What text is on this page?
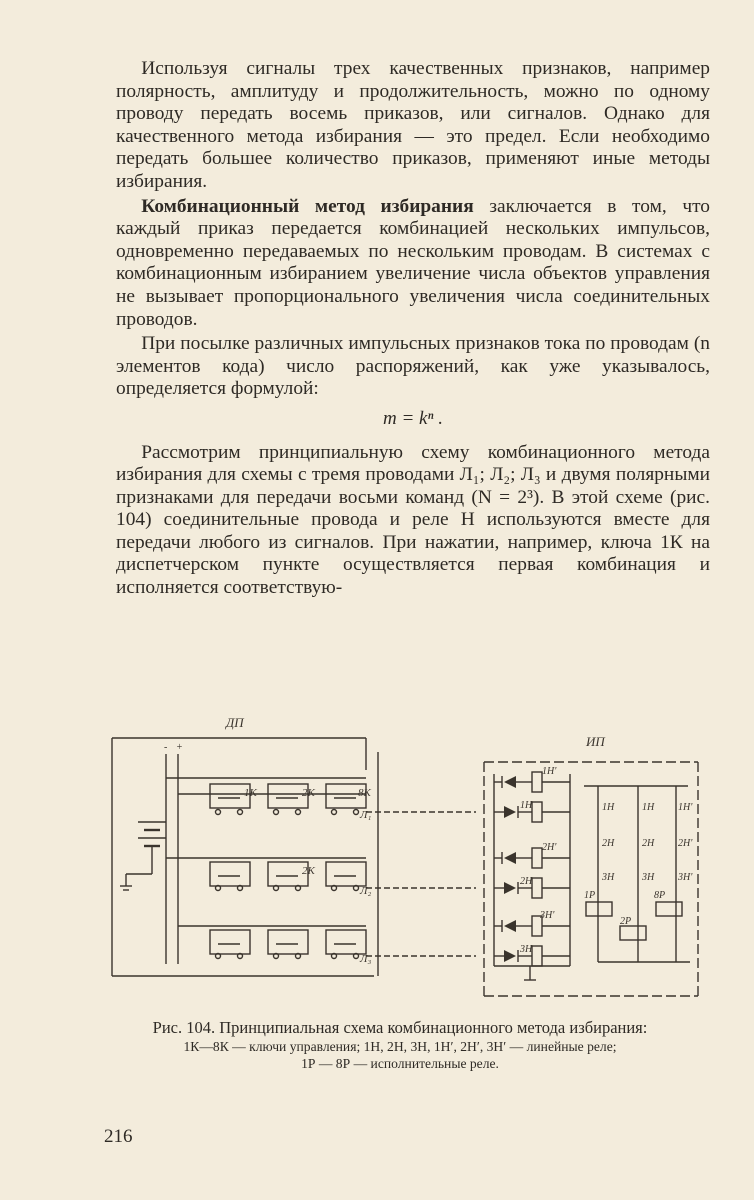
Используя сигналы трех качественных признаков, например полярность, амплитуду и продолжительность, можно по одному проводу передать восемь приказов, или сигналов. Однако для качественного метода избирания — это предел. Если необходимо передать большее количество приказов, применяют иные методы избирания.

Комбинационный метод избирания заключается в том, что каждый приказ передается комбинацией нескольких импульсов, одновременно передаваемых по нескольким проводам. В системах с комбинационным избиранием увеличение числа объектов управления не вызывает пропорционального увеличения числа соединительных проводов.

При посылке различных импульсных признаков тока по проводам (n элементов кода) число распоряжений, как уже указывалось, определяется формулой:

m = kⁿ .

Рассмотрим принципиальную схему комбинационного метода избирания для схемы с тремя проводами Л₁; Л₂; Л₃ и двумя полярными признаками для передачи восьми команд (N = 2³). В этой схеме (рис. 104) соединительные провода и реле Н используются вместе для передачи любого из сигналов. При нажатии, например, ключа 1К на диспетчерском пункте осуществляется первая комбинация и исполняется соответствую-

ДП
- +
1К	2К	8К
Л₁
2К
Л₂
Л₃
ИП
1Н'
1Н
2Н'
2Н
3Н'
3Н
1Н	1Н 1Н'
2Н	2Н 2Н'
3Н	3Н 3Н'
1Р
2Р
8Р
Рис. 104. Принципиальная схема комбинационного метода избирания:
1К—8К — ключи управления; 1Н, 2Н, 3Н, 1Н′, 2Н′, 3Н′ — линейные реле;
1Р — 8Р — исполнительные реле.
216
